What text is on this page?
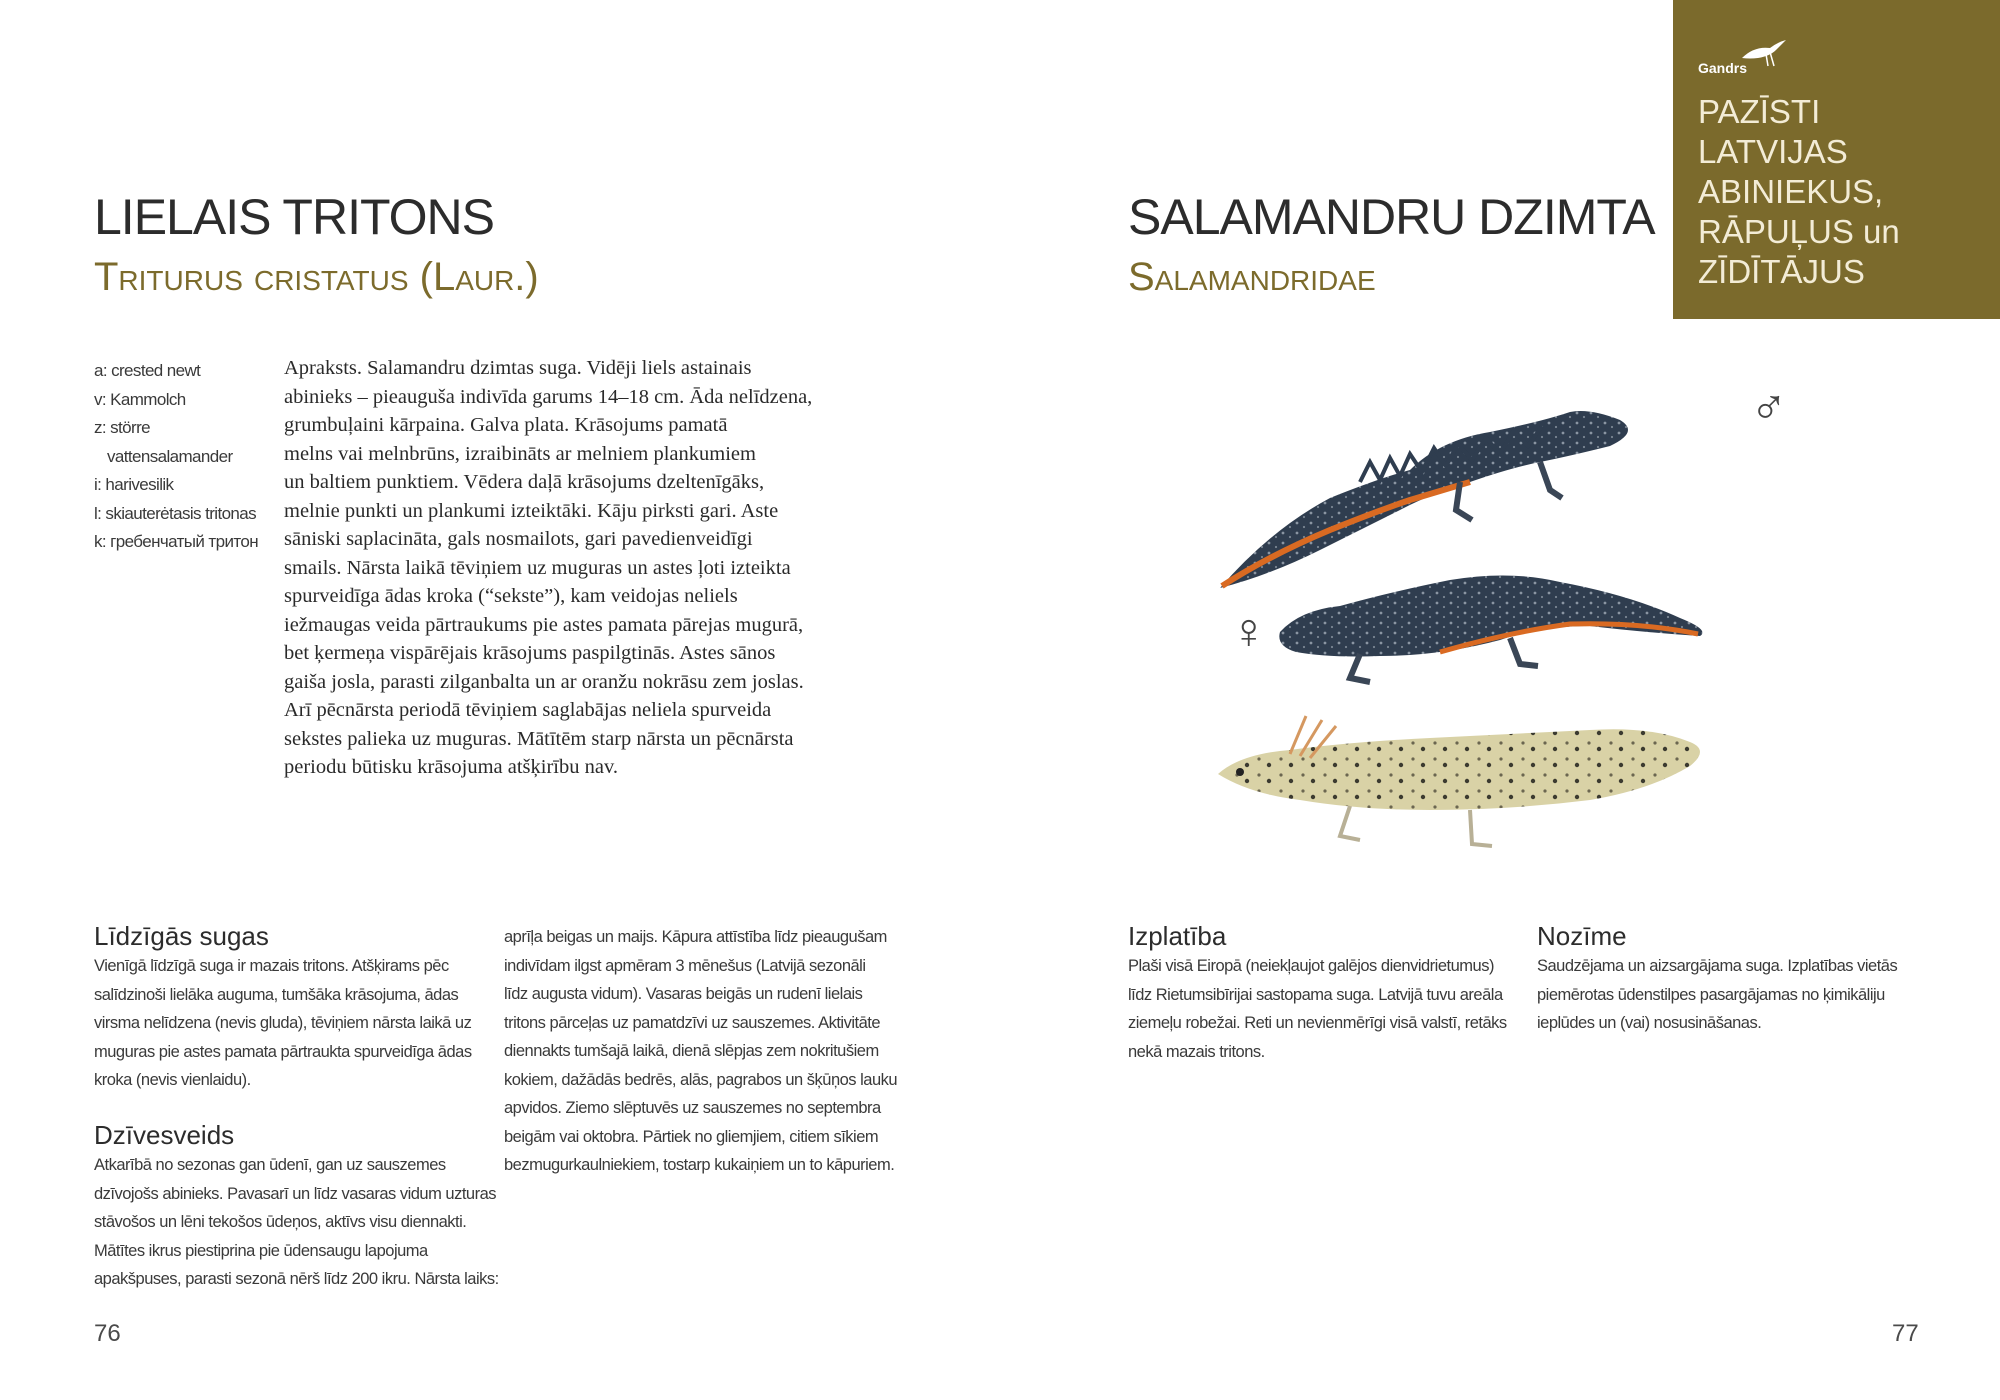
LIELAIS TRITONS
Triturus cristatus (Laur.)
a: crested newt
v: Kammolch
z: större
vattensalamander
i: harivesilik
l: skiauterėtasis tritonas
k: гребенчатый тритон
Apraksts. Salamandru dzimtas suga. Vidēji liels astainais
abinieks – pieauguša indivīda garums 14–18 cm. Āda nelīdzena,
grumbuļaini kārpaina. Galva plata. Krāsojums pamatā
melns vai melnbrūns, izraibināts ar melniem plankumiem
un baltiem punktiem. Vēdera daļā krāsojums dzeltenīgāks,
melnie punkti un plankumi izteiktāki. Kāju pirksti gari. Aste
sāniski saplacināta, gals nosmailots, gari pavedienveidīgi
smails. Nārsta laikā tēviņiem uz muguras un astes ļoti izteikta
spurveidīga ādas kroka (“sekste”), kam veidojas neliels
iežmaugas veida pārtraukums pie astes pamata pārejas mugurā,
bet ķermeņa vispārējais krāsojums paspilgtinās. Astes sānos
gaiša josla, parasti zilganbalta un ar oranžu nokrāsu zem joslas.
Arī pēcnārsta periodā tēviņiem saglabājas neliela spurveida
sekstes palieka uz muguras. Mātītēm starp nārsta un pēcnārsta
periodu būtisku krāsojuma atšķirību nav.
Līdzīgās sugas
Vienīgā līdzīgā suga ir mazais tritons. Atšķirams pēc
salīdzinoši lielāka auguma, tumšāka krāsojuma, ādas
virsma nelīdzena (nevis gluda), tēviņiem nārsta laikā uz
muguras pie astes pamata pārtraukta spurveidīga ādas
kroka (nevis vienlaidu).
Dzīvesveids
Atkarībā no sezonas gan ūdenī, gan uz sauszemes
dzīvojošs abinieks. Pavasarī un līdz vasaras vidum uzturas
stāvošos un lēni tekošos ūdeņos, aktīvs visu diennakti.
Mātītes ikrus piestiprina pie ūdensaugu lapojuma
apakšpuses, parasti sezonā nērš līdz 200 ikru. Nārsta laiks:
aprīļa beigas un maijs. Kāpura attīstība līdz pieaugušam
indivīdam ilgst apmēram 3 mēnešus (Latvijā sezonāli
līdz augusta vidum). Vasaras beigās un rudenī lielais
tritons pārceļas uz pamatdzīvi uz sauszemes. Aktivitāte
diennakts tumšajā laikā, dienā slēpjas zem nokritušiem
kokiem, dažādās bedrēs, alās, pagrabos un šķūņos lauku
apvidos. Ziemo slēptuvēs uz sauszemes no septembra
beigām vai oktobra. Pārtiek no gliemjiem, citiem sīkiem
bezmugurkaulniekiem, tostarp kukaiņiem un to kāpuriem.
76
SALAMANDRU DZIMTA
Salamandridae
Gandrs
PAZĪSTI
LATVIJAS
ABINIEKUS,
RĀPUĻUS un
ZĪDĪTĀJUS
♂
♀
Izplatība
Plaši visā Eiropā (neiekļaujot galējos dienvidrietumus)
līdz Rietumsibīrijai sastopama suga. Latvijā tuvu areāla
ziemeļu robežai. Reti un nevienmērīgi visā valstī, retāks
nekā mazais tritons.
Nozīme
Saudzējama un aizsargājama suga. Izplatības vietās
piemērotas ūdenstilpes pasargājamas no ķimikāliju
ieplūdes un (vai) nosusināšanas.
77
